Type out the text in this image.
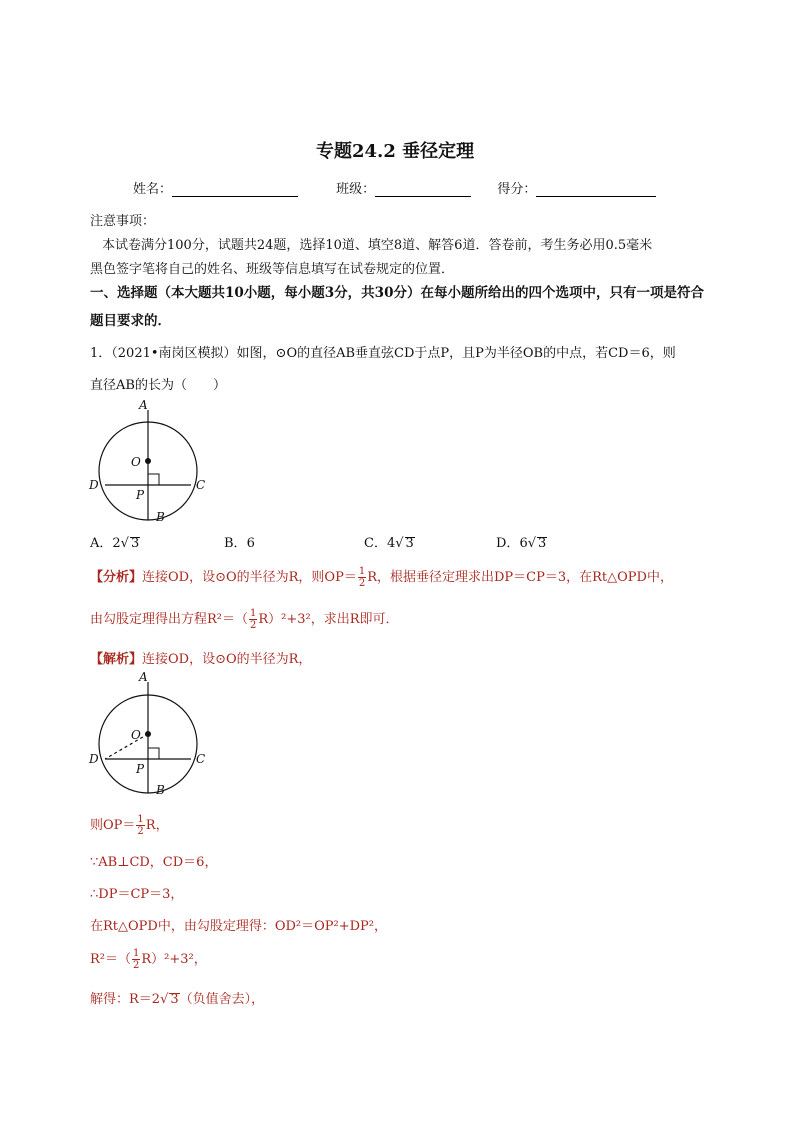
专题24.2 垂径定理
姓名：	班级：	得分：
注意事项：
本试卷满分100分，试题共24题，选择10道、填空8道、解答6道．答卷前，考生务必用0.5毫米
黑色签字笔将自己的姓名、班级等信息填写在试卷规定的位置．
一、选择题（本大题共10小题，每小题3分，共30分）在每小题所给出的四个选项中，只有一项是符合
题目要求的．
1．（2021•南岗区模拟）如图，⊙O的直径AB垂直弦CD于点P，且P为半径OB的中点，若CD＝6，则
直径AB的长为（　　）
A
O
D	C
P
B
A．2√ 3	B．6	C．4√ 3	D．6√ 3
【分析】连接OD，设⊙O的半径为R，则$OP= \frac{1}{2}$ R，根据垂径定理求出DP＝CP＝3，在Rt△OPD中，
由勾股定理得出方程$R^2=( \frac{1}{2} R)^2+3^2$，求出R即可．
【解析】连接OD，设⊙O的半径为R，
A
O
D	C
P
B
则$OP= \frac{1}{2}$ R，
∵AB⊥CD，CD＝6，
∴DP＝CP＝3，
在Rt△OPD中，由勾股定理得：OD²＝OP²+DP²，
$R^2=( \frac{1}{2} R)^2+3^2$，
解得：R＝2√ 3（负值舍去），
